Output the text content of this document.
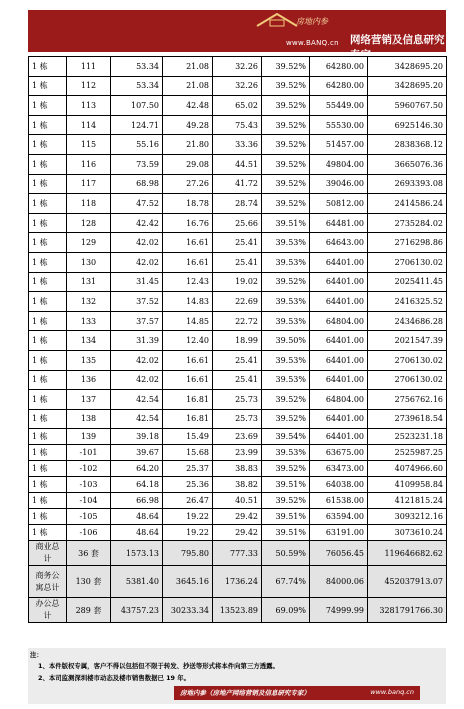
房地内参
www.BANQ.cn 网络营销及信息研究专家
1 栋	111	53.34	21.08	32.26	39.52%	64280.00	3428695.20
1 栋	112	53.34	21.08	32.26	39.52%	64280.00	3428695.20
1 栋	113	107.50	42.48	65.02	39.52%	55449.00	5960767.50
1 栋	114	124.71	49.28	75.43	39.52%	55530.00	6925146.30
1 栋	115	55.16	21.80	33.36	39.52%	51457.00	2838368.12
1 栋	116	73.59	29.08	44.51	39.52%	49804.00	3665076.36
1 栋	117	68.98	27.26	41.72	39.52%	39046.00	2693393.08
1 栋	118	47.52	18.78	28.74	39.52%	50812.00	2414586.24
1 栋	128	42.42	16.76	25.66	39.51%	64481.00	2735284.02
1 栋	129	42.02	16.61	25.41	39.53%	64643.00	2716298.86
1 栋	130	42.02	16.61	25.41	39.53%	64401.00	2706130.02
1 栋	131	31.45	12.43	19.02	39.52%	64401.00	2025411.45
1 栋	132	37.52	14.83	22.69	39.53%	64401.00	2416325.52
1 栋	133	37.57	14.85	22.72	39.53%	64804.00	2434686.28
1 栋	134	31.39	12.40	18.99	39.50%	64401.00	2021547.39
1 栋	135	42.02	16.61	25.41	39.53%	64401.00	2706130.02
1 栋	136	42.02	16.61	25.41	39.53%	64401.00	2706130.02
1 栋	137	42.54	16.81	25.73	39.52%	64804.00	2756762.16
1 栋	138	42.54	16.81	25.73	39.52%	64401.00	2739618.54
1 栋	139	39.18	15.49	23.69	39.54%	64401.00	2523231.18
1 栋	-101	39.67	15.68	23.99	39.53%	63675.00	2525987.25
1 栋	-102	64.20	25.37	38.83	39.52%	63473.00	4074966.60
1 栋	-103	64.18	25.36	38.82	39.51%	64038.00	4109958.84
1 栋	-104	66.98	26.47	40.51	39.52%	61538.00	4121815.24
1 栋	-105	48.64	19.22	29.42	39.51%	63594.00	3093212.16
1 栋	-106	48.64	19.22	29.42	39.51%	63191.00	3073610.24
商业总计	36 套	1573.13	795.80	777.33	50.59%	76056.45	119646682.62
商务公寓总计	130 套	5381.40	3645.16	1736.24	67.74%	84000.06	452037913.07
办公总计	289 套	43757.23	30233.34	13523.89	69.09%	74999.99	3281791766.30
注：
1、本件版权专属，客户不得以包括但不限于转发、抄送等形式将本件向第三方透露。
2、本司监测深圳楼市动态及楼市销售数据已 19 年。
房地内参（房地产网络营销及信息研究专家）	www.banq.cn
